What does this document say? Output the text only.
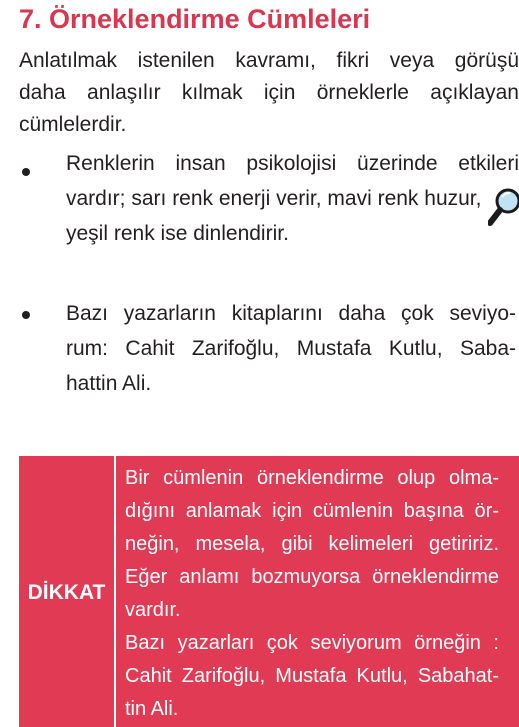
7. Örneklendirme Cümleleri
Anlatılmak istenilen kavramı, fikri veya görüşü
daha anlaşılır kılmak için örneklerle açıklayan
cümlelerdir.
Renklerin insan psikolojisi üzerinde etkileri
vardır; sarı renk enerji verir, mavi renk huzur,
yeşil renk ise dinlendirir.
Bazı yazarların kitaplarını daha çok seviyo-
rum: Cahit Zarifoğlu, Mustafa Kutlu, Saba-
hattin Ali.
DİKKAT
Bir cümlenin örneklendirme olup olma-
dığını anlamak için cümlenin başına ör-
neğin, mesela, gibi kelimeleri getiririz.
Eğer anlamı bozmuyorsa örneklendirme
vardır.
Bazı yazarları çok seviyorum örneğin :
Cahit Zarifoğlu, Mustafa Kutlu, Sabahat-
tin Ali.
